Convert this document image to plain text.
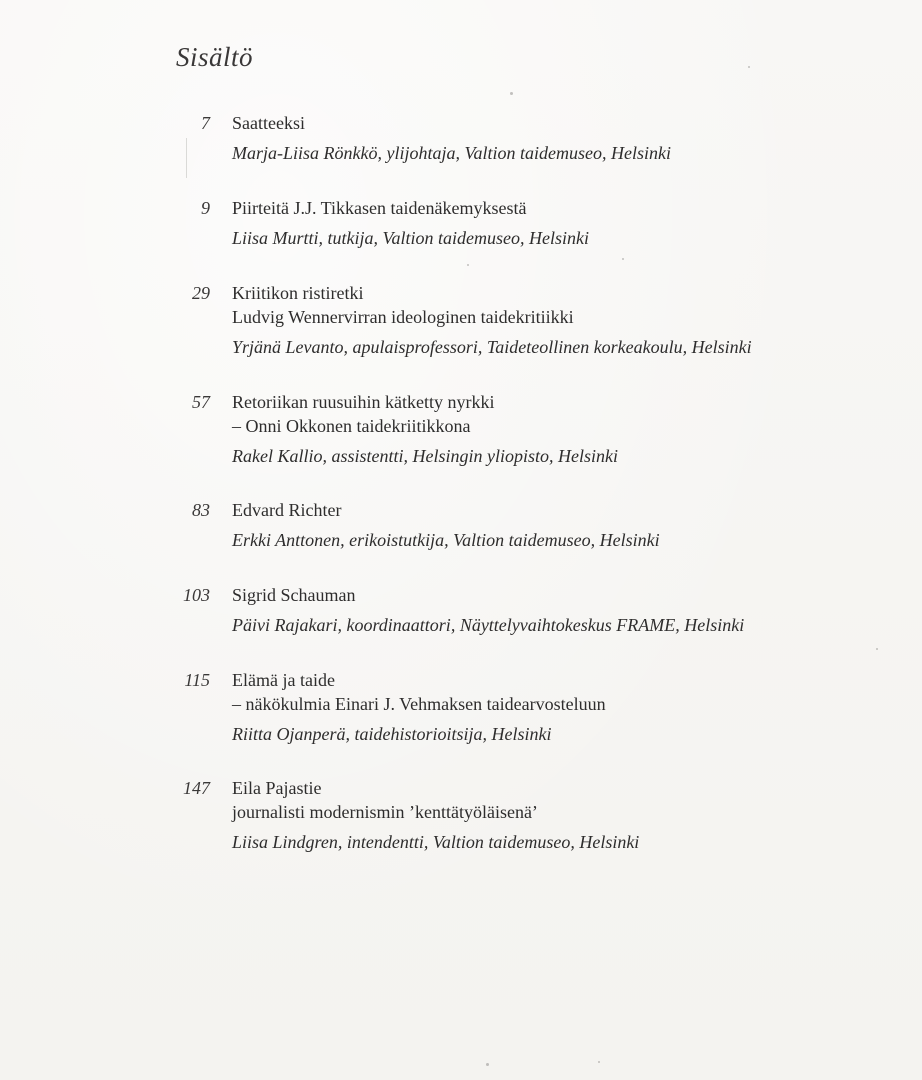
Sisältö
7 Saatteeksi
Marja-Liisa Rönkkö, ylijohtaja, Valtion taidemuseo, Helsinki
9 Piirteitä J.J. Tikkasen taidenäkemyksestä
Liisa Murtti, tutkija, Valtion taidemuseo, Helsinki
29 Kriitikon ristiretki
Ludvig Wennervirran ideologinen taidekritiikki
Yrjänä Levanto, apulaisprofessori, Taideteollinen korkeakoulu, Helsinki
57 Retoriikan ruusuihin kätketty nyrkki
– Onni Okkonen taidekriitikkona
Rakel Kallio, assistentti, Helsingin yliopisto, Helsinki
83 Edvard Richter
Erkki Anttonen, erikoistutkija, Valtion taidemuseo, Helsinki
103 Sigrid Schauman
Päivi Rajakari, koordinaattori, Näyttelyvaihtokeskus FRAME, Helsinki
115 Elämä ja taide
– näkökulmia Einari J. Vehmaksen taidearvosteluun
Riitta Ojanperä, taidehistorioitsija, Helsinki
147 Eila Pajastie
journalisti modernismin ’kenttätyöläisenä’
Liisa Lindgren, intendentti, Valtion taidemuseo, Helsinki
